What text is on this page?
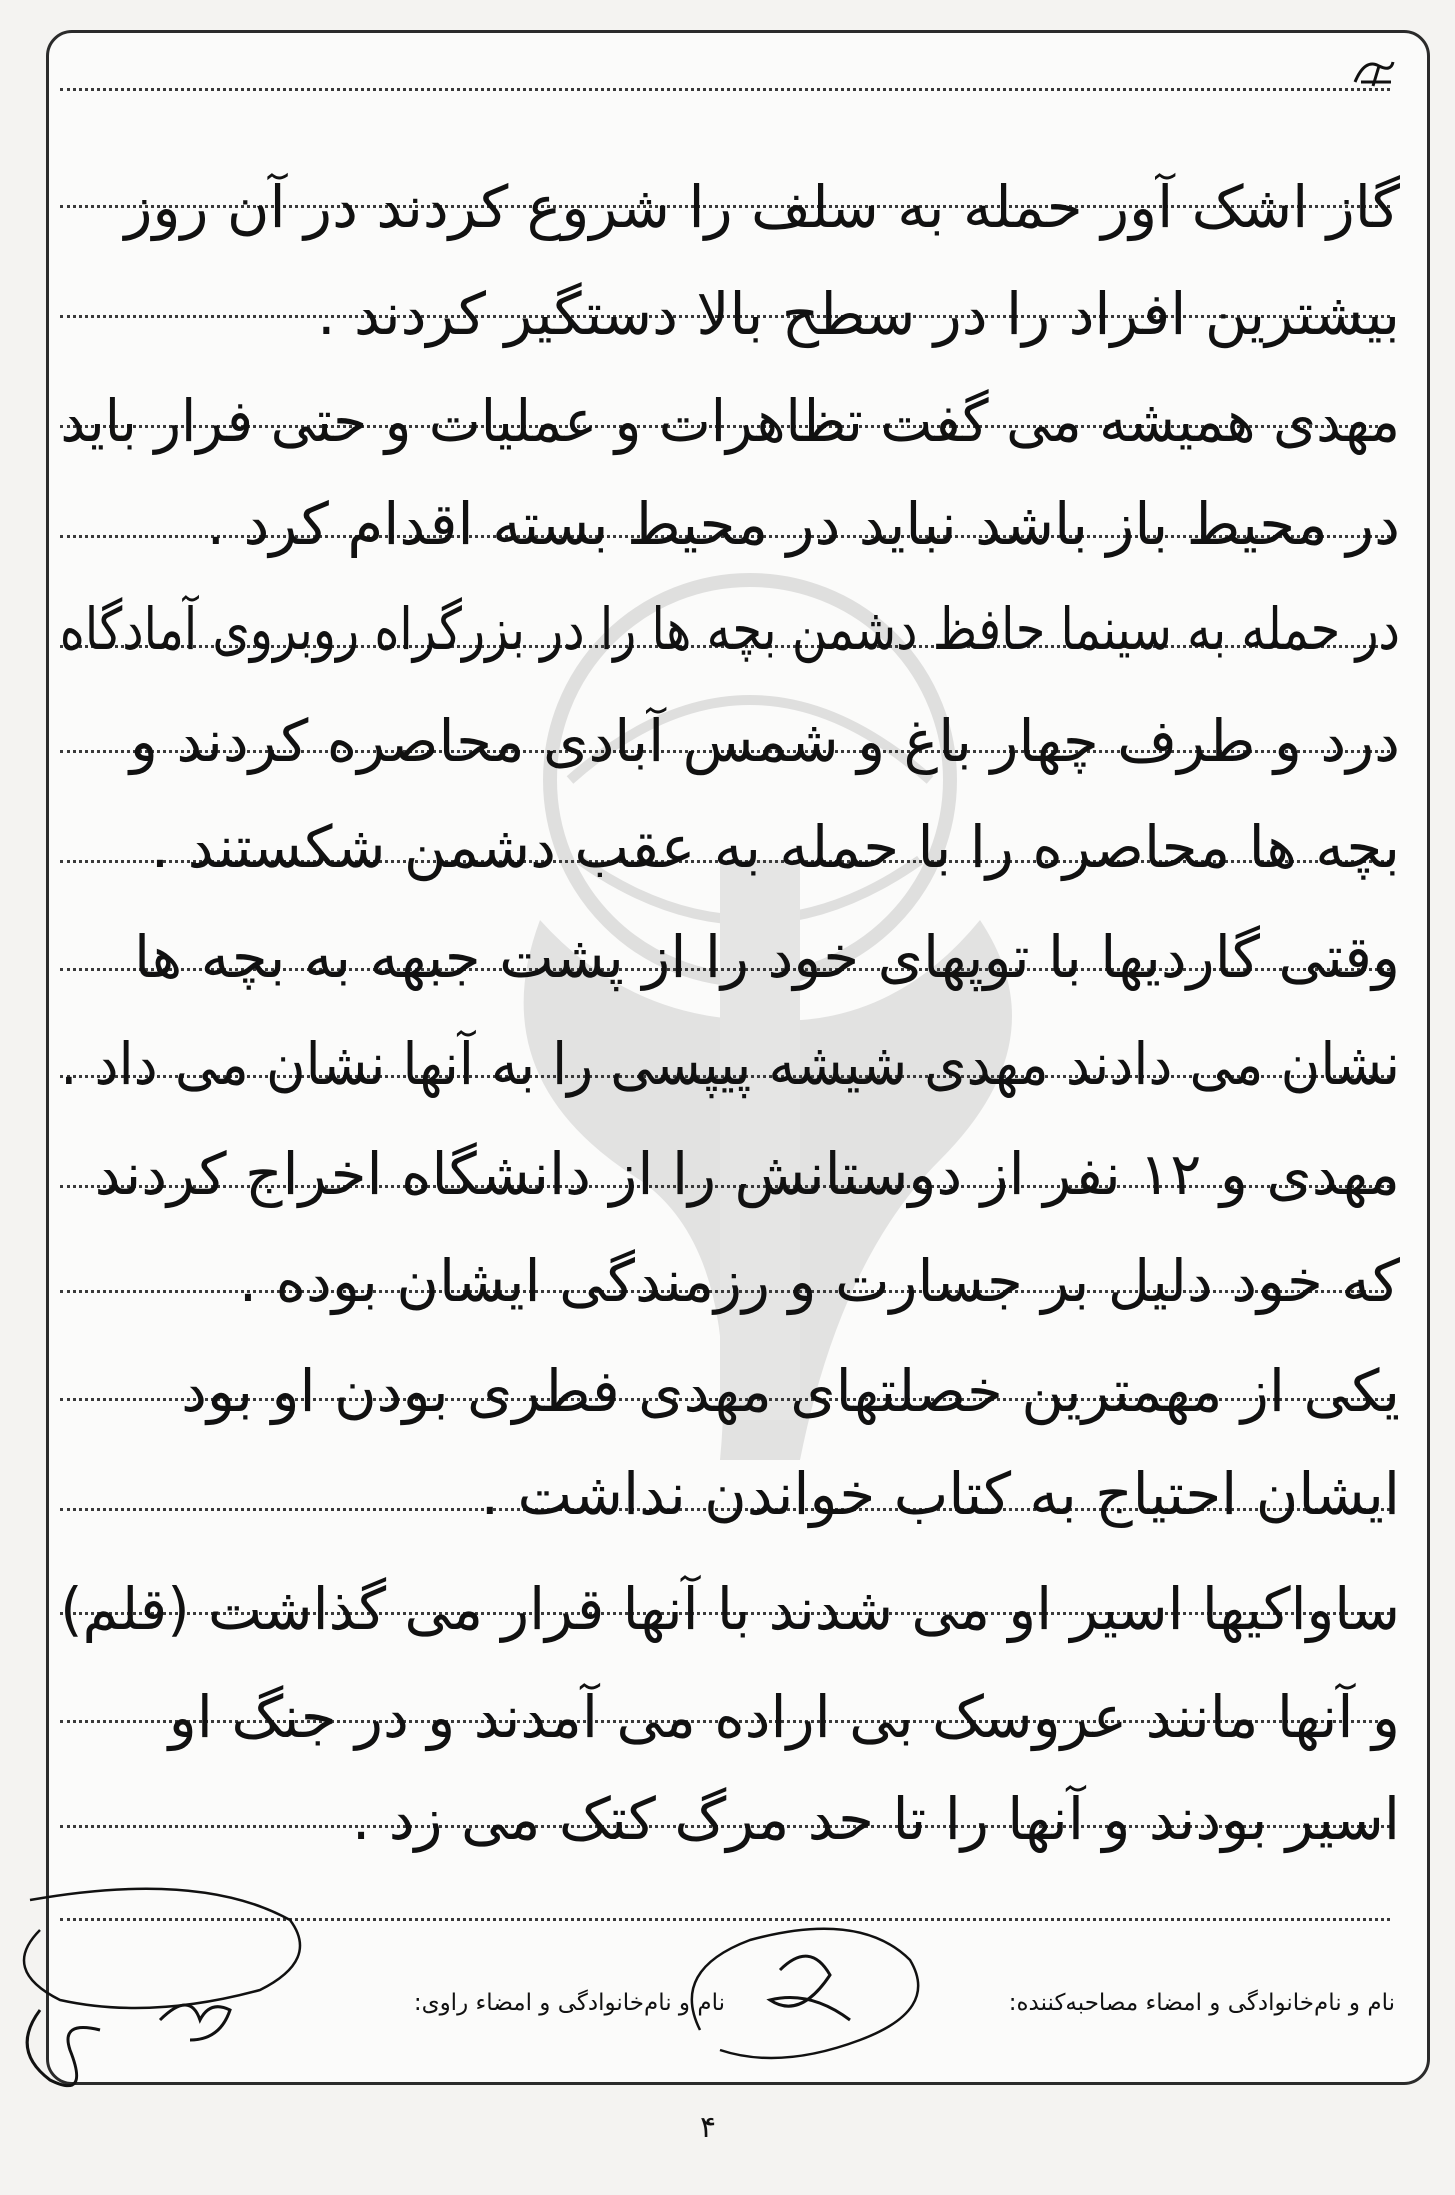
گاز اشک آور حمله به سلف را شروع کردند در آن روز
بیشترین افراد را در سطح بالا دستگیر کردند .
مهدی همیشه می گفت تظاهرات و عملیات و حتی فرار باید
در محیط باز باشد نباید در محیط بسته اقدام کرد .
در حمله به سینما حافظ دشمن بچه ها را در بزرگراه روبروی آمادگاه
درد و طرف چهار باغ و شمس آبادی محاصره کردند و
بچه ها محاصره را با حمله به عقب دشمن شکستند .
وقتی گاردیها با توپهای خود را از پشت جبهه به بچه ها
نشان می دادند مهدی شیشه پیپسی را به آنها نشان می داد .
مهدی و ۱۲ نفر از دوستانش را از دانشگاه اخراج کردند
که خود دلیل بر جسارت و رزمندگی ایشان بوده .
یکی از مهمترین خصلتهای مهدی فطری بودن او بود
ایشان احتیاج به کتاب خواندن نداشت .
ساواکیها اسیر او می شدند با آنها قرار می گذاشت (قلم)
و آنها مانند عروسک بی اراده می آمدند و در جنگ او
اسیر بودند و آنها را تا حد مرگ کتک می زد .
نام و نام‌خانوادگی و امضاء مصاحبه‌کننده:
نام و نام‌خانوادگی و امضاء راوی:
۴
